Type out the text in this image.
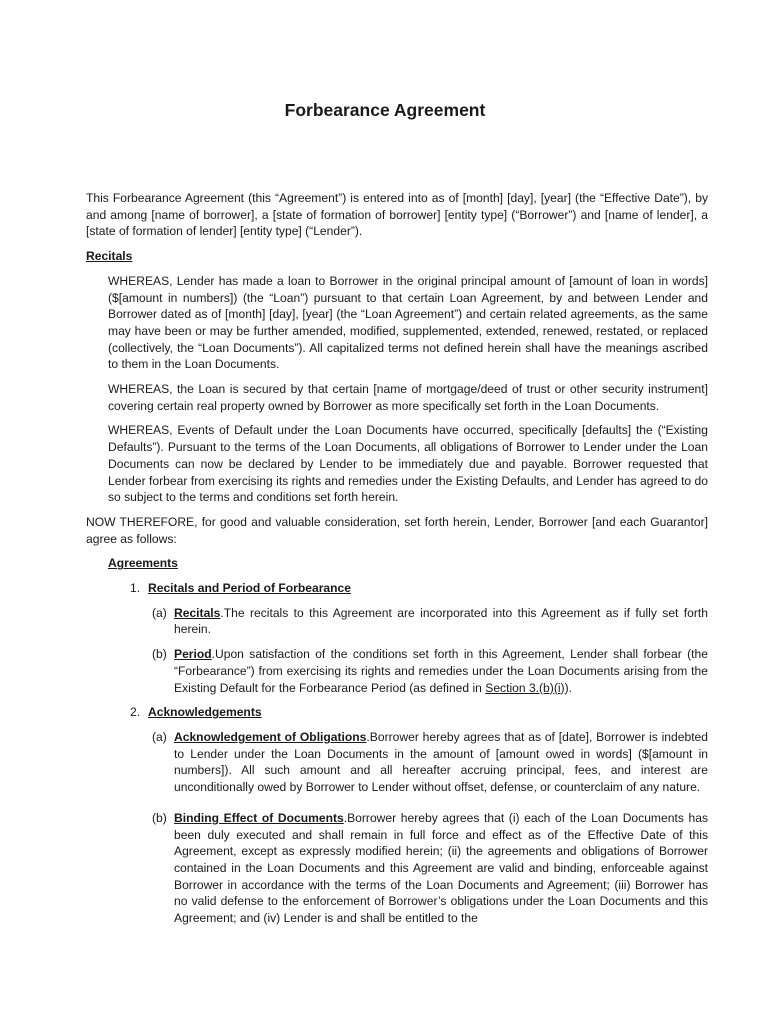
Forbearance Agreement

This Forbearance Agreement (this “Agreement”) is entered into as of [month] [day], [year] (the “Effective Date”), by and among [name of borrower], a [state of formation of borrower] [entity type] (“Borrower”) and [name of lender], a [state of formation of lender] [entity type] (“Lender”).

Recitals

WHEREAS, Lender has made a loan to Borrower in the original principal amount of [amount of loan in words] ($[amount in numbers]) (the “Loan”) pursuant to that certain Loan Agreement, by and between Lender and Borrower dated as of [month] [day], [year] (the “Loan Agreement”) and certain related agreements, as the same may have been or may be further amended, modified, supplemented, extended, renewed, restated, or replaced (collectively, the “Loan Documents”). All capitalized terms not defined herein shall have the meanings ascribed to them in the Loan Documents.

WHEREAS, the Loan is secured by that certain [name of mortgage/deed of trust or other security instrument] covering certain real property owned by Borrower as more specifically set forth in the Loan Documents.

WHEREAS, Events of Default under the Loan Documents have occurred, specifically [defaults] the (“Existing Defaults”). Pursuant to the terms of the Loan Documents, all obligations of Borrower to Lender under the Loan Documents can now be declared by Lender to be immediately due and payable. Borrower requested that Lender forbear from exercising its rights and remedies under the Existing Defaults, and Lender has agreed to do so subject to the terms and conditions set forth herein.

NOW THEREFORE, for good and valuable consideration, set forth herein, Lender, Borrower [and each Guarantor] agree as follows:

Agreements
1. Recitals and Period of Forbearance
(a) Recitals.The recitals to this Agreement are incorporated into this Agreement as if fully set forth herein.

(b) Period.Upon satisfaction of the conditions set forth in this Agreement, Lender shall forbear (the “Forbearance”) from exercising its rights and remedies under the Loan Documents arising from the Existing Default for the Forbearance Period (as defined in Section 3.(b)(i)).

2. Acknowledgements
(a) Acknowledgement of Obligations.Borrower hereby agrees that as of [date], Borrower is indebted to Lender under the Loan Documents in the amount of [amount owed in words] ($[amount in numbers]). All such amount and all hereafter accruing principal, fees, and interest are unconditionally owed by Borrower to Lender without offset, defense, or counterclaim of any nature.

(b) Binding Effect of Documents.Borrower hereby agrees that (i) each of the Loan Documents has been duly executed and shall remain in full force and effect as of the Effective Date of this Agreement, except as expressly modified herein; (ii) the agreements and obligations of Borrower contained in the Loan Documents and this Agreement are valid and binding, enforceable against Borrower in accordance with the terms of the Loan Documents and Agreement; (iii) Borrower has no valid defense to the enforcement of Borrower’s obligations under the Loan Documents and this Agreement; and (iv) Lender is and shall be entitled to the
